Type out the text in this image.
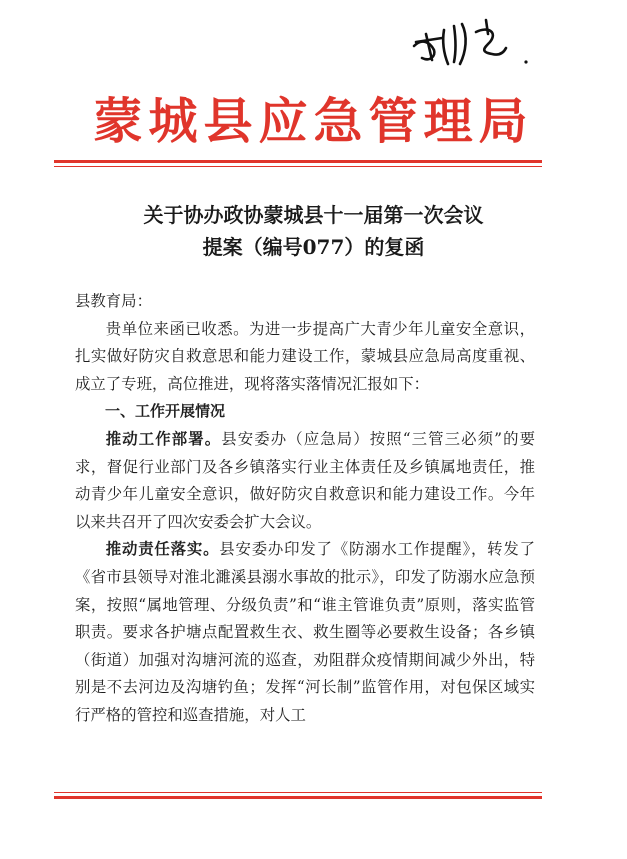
蒙城县应急管理局
关于协办政协蒙城县十一届第一次会议
提案（编号077）的复函

县教育局：

贵单位来函已收悉。为进一步提高广大青少年儿童安全意识，扎实做好防灾自救意思和能力建设工作，蒙城县应急局高度重视、成立了专班，高位推进，现将落实落情况汇报如下：

一、工作开展情况

推动工作部署。县安委办（应急局）按照“三管三必须”的要求，督促行业部门及各乡镇落实行业主体责任及乡镇属地责任，推动青少年儿童安全意识，做好防灾自救意识和能力建设工作。今年以来共召开了四次安委会扩大会议。

推动责任落实。县安委办印发了《防溺水工作提醒》，转发了《省市县领导对淮北濉溪县溺水事故的批示》，印发了防溺水应急预案，按照“属地管理、分级负责”和“谁主管谁负责”原则，落实监管职责。要求各护塘点配置救生衣、救生圈等必要救生设备；各乡镇（街道）加强对沟塘河流的巡查，劝阻群众疫情期间减少外出，特别是不去河边及沟塘钓鱼；发挥“河长制”监管作用，对包保区域实行严格的管控和巡查措施，对人工
